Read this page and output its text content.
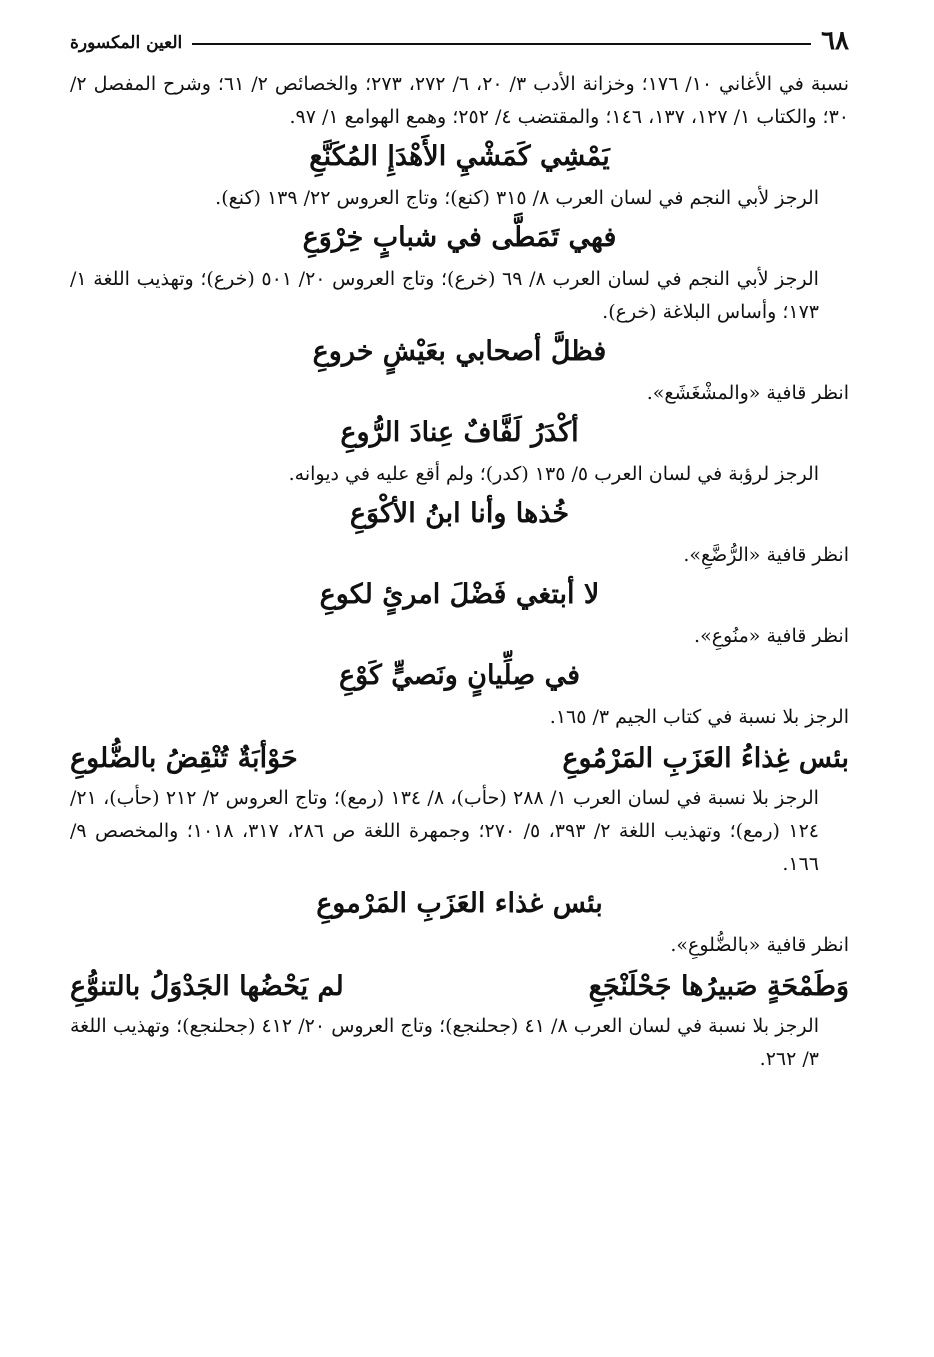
٦٨
العين المكسورة

نسبة في الأغاني ١٠/ ١٧٦؛ وخزانة الأدب ٣/ ٢٠، ٦/ ٢٧٢، ٢٧٣؛ والخصائص ٢/ ٦١؛ وشرح المفصل ٢/ ٣٠؛ والكتاب ١/ ١٢٧، ١٣٧، ١٤٦؛ والمقتضب ٤/ ٢٥٢؛ وهمع الهوامع ١/ ٩٧.

يَمْشِي كَمَشْيِ الأَهْدَإِ المُكَنَّعِ

الرجز لأبي النجم في لسان العرب ٨/ ٣١٥ (كنع)؛ وتاج العروس ٢٢/ ١٣٩ (كنع).

فهي تَمَطَّى في شبابٍ خِرْوَعِ

الرجز لأبي النجم في لسان العرب ٨/ ٦٩ (خرع)؛ وتاج العروس ٢٠/ ٥٠١ (خرع)؛ وتهذيب اللغة ١/ ١٧٣؛ وأساس البلاغة (خرع).

فظلَّ أصحابي بعَيْشٍ خروعِ

انظر قافية «والمشْغَشَع».

أكْدَرُ لَفَّافٌ عِنادَ الرُّوعِ

الرجز لرؤبة في لسان العرب ٥/ ١٣٥ (كدر)؛ ولم أقع عليه في ديوانه.

خُذها وأنا ابنُ الأكْوَعِ

انظر قافية «الرُّضَّعِ».

لا أبتغي فَضْلَ امرئٍ لكوعِ

انظر قافية «منُوعِ».

في صِلِّيانٍ ونَصيٍّ كَوْعِ

الرجز بلا نسبة في كتاب الجيم ٣/ ١٦٥.

بئس غِذاءُ العَزَبِ المَرْمُوعِ
حَوْأبَةٌ تُنْقِضُ بالضُّلوعِ

الرجز بلا نسبة في لسان العرب ١/ ٢٨٨ (حأب)، ٨/ ١٣٤ (رمع)؛ وتاج العروس ٢/ ٢١٢ (حأب)، ٢١/ ١٢٤ (رمع)؛ وتهذيب اللغة ٢/ ٣٩٣، ٥/ ٢٧٠؛ وجمهرة اللغة ص ٢٨٦، ٣١٧، ١٠١٨؛ والمخصص ٩/ ١٦٦.

بئس غذاء العَزَبِ المَرْموعِ

انظر قافية «بالضُّلوعِ».

وَطَمْحَةٍ صَبيرُها جَحْلَنْجَعِ
لم يَحْضُها الجَدْوَلُ بالتنوُّعِ

الرجز بلا نسبة في لسان العرب ٨/ ٤١ (جحلنجع)؛ وتاج العروس ٢٠/ ٤١٢ (جحلنجع)؛ وتهذيب اللغة ٣/ ٢٦٢.
